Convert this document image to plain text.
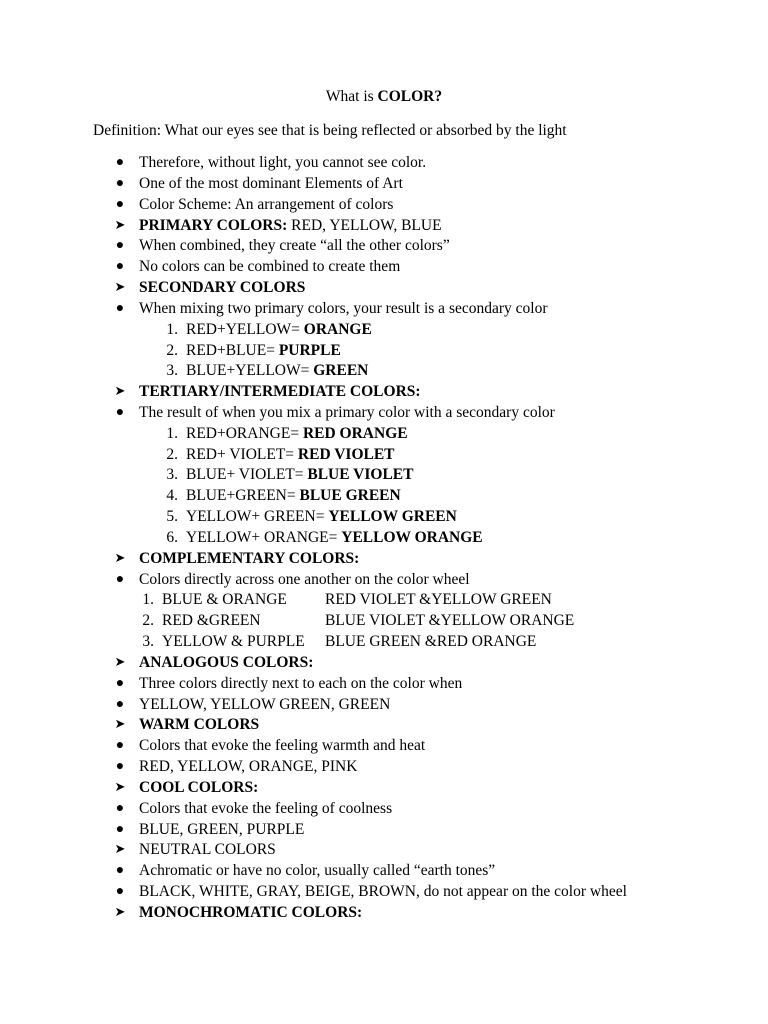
What is COLOR?
Definition: What our eyes see that is being reflected or absorbed by the light
● Therefore, without light, you cannot see color.
● One of the most dominant Elements of Art
● Color Scheme: An arrangement of colors
➤ PRIMARY COLORS: RED, YELLOW, BLUE
● When combined, they create “all the other colors”
● No colors can be combined to create them
➤ SECONDARY COLORS
● When mixing two primary colors, your result is a secondary color
1. RED+YELLOW= ORANGE
2. RED+BLUE= PURPLE
3. BLUE+YELLOW= GREEN
➤ TERTIARY/INTERMEDIATE COLORS:
● The result of when you mix a primary color with a secondary color
1. RED+ORANGE= RED ORANGE
2. RED+ VIOLET= RED VIOLET
3. BLUE+ VIOLET= BLUE VIOLET
4. BLUE+GREEN= BLUE GREEN
5. YELLOW+ GREEN= YELLOW GREEN
6. YELLOW+ ORANGE= YELLOW ORANGE
➤ COMPLEMENTARY COLORS:
● Colors directly across one another on the color wheel
1. BLUE & ORANGE RED VIOLET &YELLOW GREEN
2. RED &GREEN	BLUE VIOLET &YELLOW ORANGE
3. YELLOW & PURPLE BLUE GREEN &RED ORANGE
➤ ANALOGOUS COLORS:
● Three colors directly next to each on the color when
● YELLOW, YELLOW GREEN, GREEN
➤ WARM COLORS
● Colors that evoke the feeling warmth and heat
● RED, YELLOW, ORANGE, PINK
➤ COOL COLORS:
● Colors that evoke the feeling of coolness
● BLUE, GREEN, PURPLE
➤ NEUTRAL COLORS
● Achromatic or have no color, usually called “earth tones”
● BLACK, WHITE, GRAY, BEIGE, BROWN, do not appear on the color wheel
➤ MONOCHROMATIC COLORS:
